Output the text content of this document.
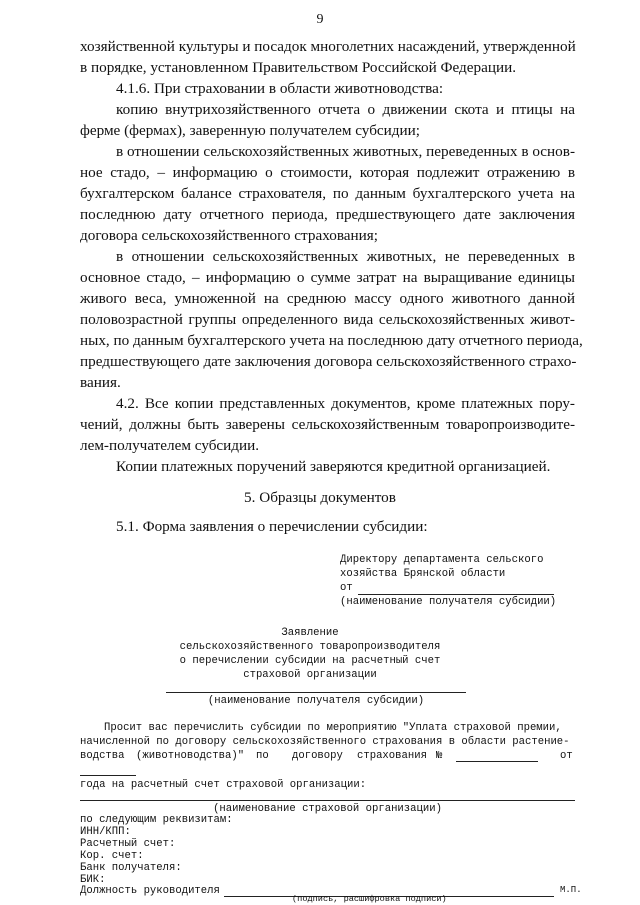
9
хозяйственной культуры и посадок многолетних насаждений, утвержденной
в порядке, установленном Правительством Российской Федерации.
4.1.6. При страховании в области животноводства:
копию внутрихозяйственного отчета о движении скота и птицы на
ферме (фермах), заверенную получателем субсидии;
в отношении сельскохозяйственных животных, переведенных в основ-
ное стадо, – информацию о стоимости, которая подлежит отражению в
бухгалтерском балансе страхователя, по данным бухгалтерского учета на
последнюю дату отчетного периода, предшествующего дате заключения
договора сельскохозяйственного страхования;
в отношении сельскохозяйственных животных, не переведенных в
основное стадо, – информацию о сумме затрат на выращивание единицы
живого веса, умноженной на среднюю массу одного животного данной
половозрастной группы определенного вида сельскохозяйственных живот-
ных, по данным бухгалтерского учета на последнюю дату отчетного периода,
предшествующего дате заключения договора сельскохозяйственного страхо-
вания.
4.2. Все копии представленных документов, кроме платежных пору-
чений, должны быть заверены сельскохозяйственным товаропроизводите-
лем-получателем субсидии.
Копии платежных поручений заверяются кредитной организацией.
5. Образцы документов
5.1. Форма заявления о перечислении субсидии:
Директору департамента сельского
хозяйства Брянской области
от
(наименование получателя субсидии)
Заявление
сельскохозяйственного товаропроизводителя
о перечислении субсидии на расчетный счет
страховой организации
(наименование получателя субсидии)
Просит вас перечислить субсидии по мероприятию "Уплата страховой премии,
начисленной по договору сельскохозяйственного страхования в области растение-
водства (животноводства)" по договору страхования №	от
года на расчетный счет страховой организации:
(наименование страховой организации)
по следующим реквизитам:
ИНН/КПП:
Расчетный счет:
Кор. счет:
Банк получателя:
БИК:
Должность руководителя	М.П.
(подпись, расшифровка подписи)
